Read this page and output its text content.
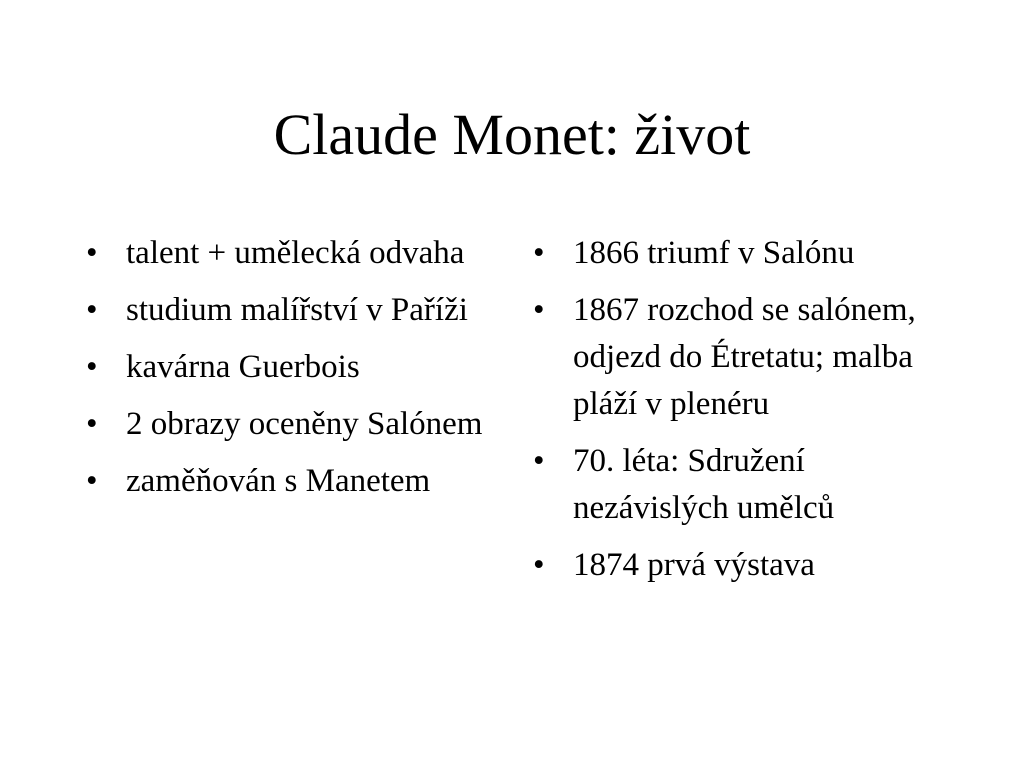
Claude Monet: život
• talent + umělecká odvaha
• studium malířství v Paříži
• kavárna Guerbois
• 2 obrazy oceněny Salónem
• zaměňován s Manetem
• 1866 triumf v Salónu
• 1867 rozchod se salónem, odjezd do Étretatu; malba pláží v plenéru
• 70. léta: Sdružení nezávislých umělců
• 1874 prvá výstava
